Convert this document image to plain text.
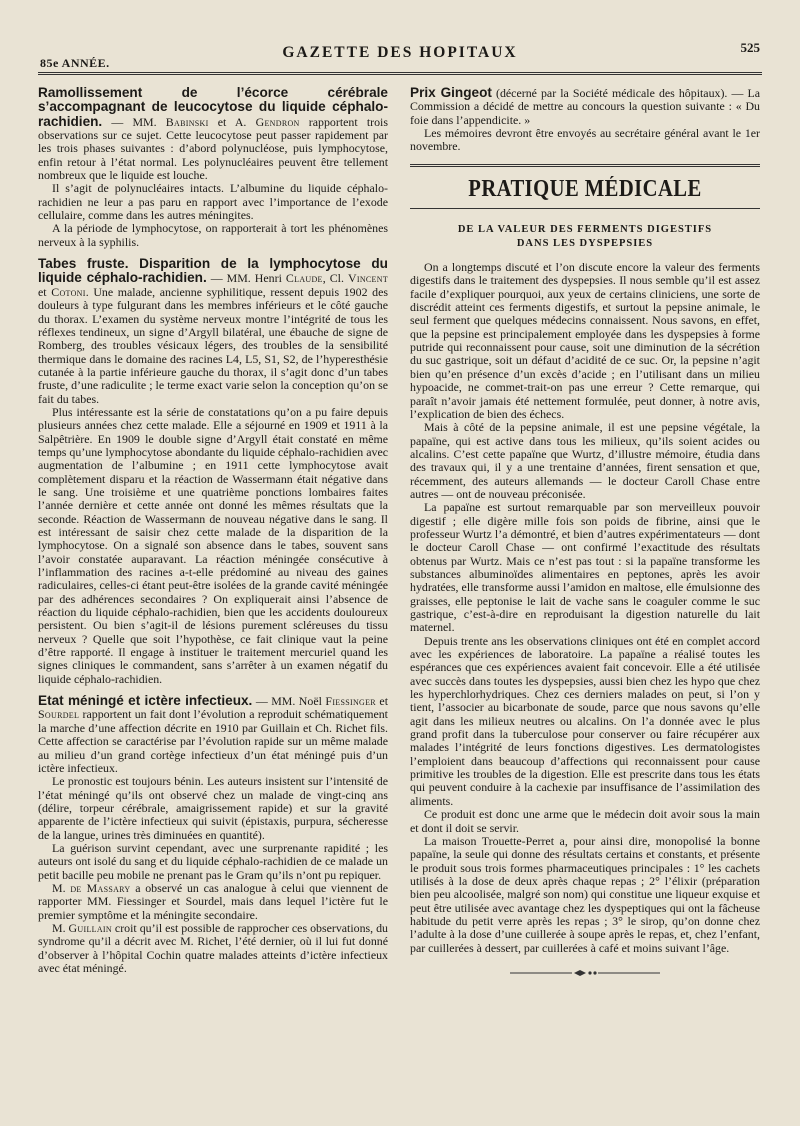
85e ANNÉE.
GAZETTE DES HOPITAUX	525

Ramollissement de l’écorce cérébrale s’accompagnant de leucocytose du liquide céphalo-rachidien. — MM. Babinski et A. Gendron rapportent trois observations sur ce sujet. Cette leucocytose peut passer rapidement par les trois phases suivantes : d’abord polynucléose, puis lymphocytose, enfin retour à l’état normal. Les polynucléaires peuvent être tellement nombreux que le liquide est louche.

Il s’agit de polynucléaires intacts. L’albumine du liquide céphalo-rachidien ne leur a pas paru en rapport avec l’importance de l’exode cellulaire, comme dans les autres méningites.

A la période de lymphocytose, on rapporterait à tort les phénomènes nerveux à la syphilis.

Tabes fruste. Disparition de la lymphocytose du liquide céphalo-rachidien. — MM. Henri Claude, Cl. Vincent et Cotoni. Une malade, ancienne syphilitique, ressent depuis 1902 des douleurs à type fulgurant dans les membres inférieurs et le côté gauche du thorax. L’examen du système nerveux montre l’intégrité de tous les réflexes tendineux, un signe d’Argyll bilatéral, une ébauche de signe de Romberg, des troubles vésicaux légers, des troubles de la sensibilité thermique dans le domaine des racines L4, L5, S1, S2, de l’hyperesthésie cutanée à la partie inférieure gauche du thorax, il s’agit donc d’un tabes fruste, d’une radiculite ; le terme exact varie selon la conception qu’on se fait du tabes.

Plus intéressante est la série de constatations qu’on a pu faire depuis plusieurs années chez cette malade. Elle a séjourné en 1909 et 1911 à la Salpêtrière. En 1909 le double signe d’Argyll était constaté en même temps qu’une lymphocytose abondante du liquide céphalo-rachidien avec augmentation de l’albumine ; en 1911 cette lymphocytose avait complètement disparu et la réaction de Wassermann était négative dans le sang. Une troisième et une quatrième ponctions lombaires faites l’année dernière et cette année ont donné les mêmes résultats que la seconde. Réaction de Wassermann de nouveau négative dans le sang. Il est intéressant de saisir chez cette malade de la disparition de la lymphocytose. On a signalé son absence dans le tabes, souvent sans l’avoir constatée auparavant. La réaction méningée consécutive à l’inflammation des racines a-t-elle prédominé au niveau des gaines radiculaires, celles-ci étant peut-être isolées de la grande cavité méningée par des adhérences secondaires ? On expliquerait ainsi l’absence de réaction du liquide céphalo-rachidien, bien que les accidents douloureux persistent. Ou bien s’agit-il de lésions purement scléreuses du tissu nerveux ? Quelle que soit l’hypothèse, ce fait clinique vaut la peine d’être rapporté. Il engage à instituer le traitement mercuriel quand les signes cliniques le commandent, sans s’arrêter à un examen négatif du liquide céphalo-rachidien.

Etat méningé et ictère infectieux. — MM. Noël Fiessinger et Sourdel rapportent un fait dont l’évolution a reproduit schématiquement la marche d’une affection décrite en 1910 par Guillain et Ch. Richet fils. Cette affection se caractérise par l’évolution rapide sur un même malade au milieu d’un grand cortège infectieux d’un état méningé puis d’un ictère infectieux.

Le pronostic est toujours bénin. Les auteurs insistent sur l’intensité de l’état méningé qu’ils ont observé chez un malade de vingt-cinq ans (délire, torpeur cérébrale, amaigrissement rapide) et sur la gravité apparente de l’ictère infectieux qui suivit (épistaxis, purpura, sécheresse de la langue, urines très diminuées en quantité).

La guérison survint cependant, avec une surprenante rapidité ; les auteurs ont isolé du sang et du liquide céphalo-rachidien de ce malade un petit bacille peu mobile ne prenant pas le Gram qu’ils n’ont pu repiquer.

M. de Massary a observé un cas analogue à celui que viennent de rapporter MM. Fiessinger et Sourdel, mais dans lequel l’ictère fut le premier symptôme et la méningite secondaire.

M. Guillain croit qu’il est possible de rapprocher ces observations, du syndrome qu’il a décrit avec M. Richet, l’été dernier, où il lui fut donné d’observer à l’hôpital Cochin quatre malades atteints d’ictère infectieux avec état méningé.

Prix Gingeot (décerné par la Société médicale des hôpitaux). — La Commission a décidé de mettre au concours la question suivante : « Du foie dans l’appendicite. »

Les mémoires devront être envoyés au secrétaire général avant le 1er novembre.

PRATIQUE MÉDICALE
DE LA VALEUR DES FERMENTS DIGESTIFS
DANS LES DYSPEPSIES

On a longtemps discuté et l’on discute encore la valeur des ferments digestifs dans le traitement des dyspepsies. Il nous semble qu’il est assez facile d’expliquer pourquoi, aux yeux de certains cliniciens, une sorte de discrédit atteint ces ferments digestifs, et surtout la pepsine animale, le seul ferment que quelques médecins connaissent. Nous savons, en effet, que la pepsine est principalement employée dans les dyspepsies à forme putride qui reconnaissent pour cause, soit une diminution de la sécrétion du suc gastrique, soit un défaut d’acidité de ce suc. Or, la pepsine n’agit bien qu’en présence d’un excès d’acide ; en l’utilisant dans un milieu hypoacide, ne commet-trait-on pas une erreur ? Cette remarque, qui paraît n’avoir jamais été nettement formulée, peut donner, à notre avis, l’explication de bien des échecs.

Mais à côté de la pepsine animale, il est une pepsine végétale, la papaïne, qui est active dans tous les milieux, qu’ils soient acides ou alcalins. C’est cette papaïne que Wurtz, d’illustre mémoire, étudia dans des travaux qui, il y a une trentaine d’années, firent sensation et que, récemment, des auteurs allemands — le docteur Caroll Chase entre autres — ont de nouveau préconisée.

La papaïne est surtout remarquable par son merveilleux pouvoir digestif ; elle digère mille fois son poids de fibrine, ainsi que le professeur Wurtz l’a démontré, et bien d’autres expérimentateurs — dont le docteur Caroll Chase — ont confirmé l’exactitude des résultats obtenus par Wurtz. Mais ce n’est pas tout : si la papaïne transforme les substances albuminoïdes alimentaires en peptones, après les avoir hydratées, elle transforme aussi l’amidon en maltose, elle émulsionne des graisses, elle peptonise le lait de vache sans le coaguler comme le suc gastrique, c’est-à-dire en reproduisant la digestion naturelle du lait maternel.

Depuis trente ans les observations cliniques ont été en complet accord avec les expériences de laboratoire. La papaïne a réalisé toutes les espérances que ces expériences avaient fait concevoir. Elle a été utilisée avec succès dans toutes les dyspepsies, aussi bien chez les hypo que chez les hyperchlorhydriques. Chez ces derniers malades on peut, si l’on y tient, l’associer au bicarbonate de soude, parce que nous savons qu’elle agit dans les milieux neutres ou alcalins. On l’a donnée avec le plus grand profit dans la tuberculose pour conserver ou faire récupérer aux malades l’intégrité de leurs fonctions digestives. Les dermatologistes l’emploient dans beaucoup d’affections qui reconnaissent pour cause primitive les troubles de la digestion. Elle est prescrite dans tous les états qui peuvent conduire à la cachexie par insuffisance de l’assimilation des aliments.

Ce produit est donc une arme que le médecin doit avoir sous la main et dont il doit se servir.

La maison Trouette-Perret a, pour ainsi dire, monopolisé la bonne papaïne, la seule qui donne des résultats certains et constants, et présente le produit sous trois formes pharmaceutiques principales : 1° les cachets utilisés à la dose de deux après chaque repas ; 2° l’élixir (préparation bien peu alcoolisée, malgré son nom) qui constitue une liqueur exquise et peut être utilisée avec avantage chez les dyspeptiques qui ont la fâcheuse habitude du petit verre après les repas ; 3° le sirop, qu’on donne chez l’adulte à la dose d’une cuillerée à soupe après le repas, et, chez l’enfant, par cuillerées à dessert, par cuillerées à café et moins suivant l’âge.
